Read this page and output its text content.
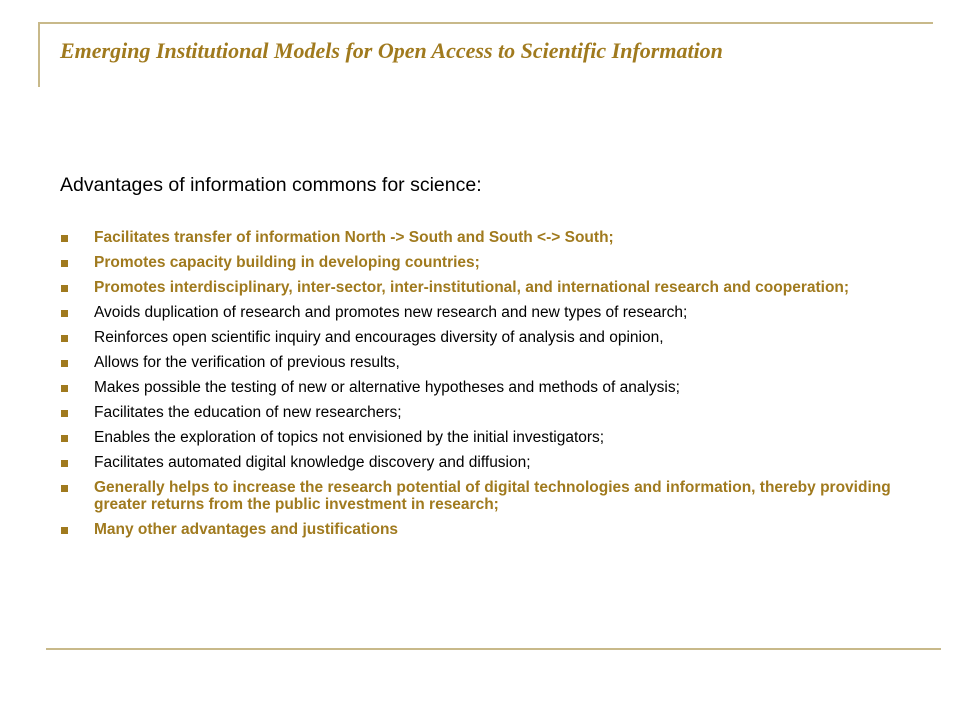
Emerging Institutional Models for Open Access to Scientific Information

Advantages of information commons for science:

Facilitates transfer of information North -> South and South <-> South;
Promotes capacity building in developing countries;
Promotes interdisciplinary, inter-sector, inter-institutional, and international research and cooperation;
Avoids duplication of research and promotes new research and new types of research;
Reinforces open scientific inquiry and encourages diversity of analysis and opinion,
Allows for the verification of previous results,
Makes possible the testing of new or alternative hypotheses and methods of analysis;
Facilitates the education of new researchers;
Enables the exploration of topics not envisioned by the initial investigators;
Facilitates automated digital knowledge discovery and diffusion;
Generally helps to increase the research potential of digital technologies and information, thereby providing greater returns from the public investment in research;
Many other advantages and justifications
